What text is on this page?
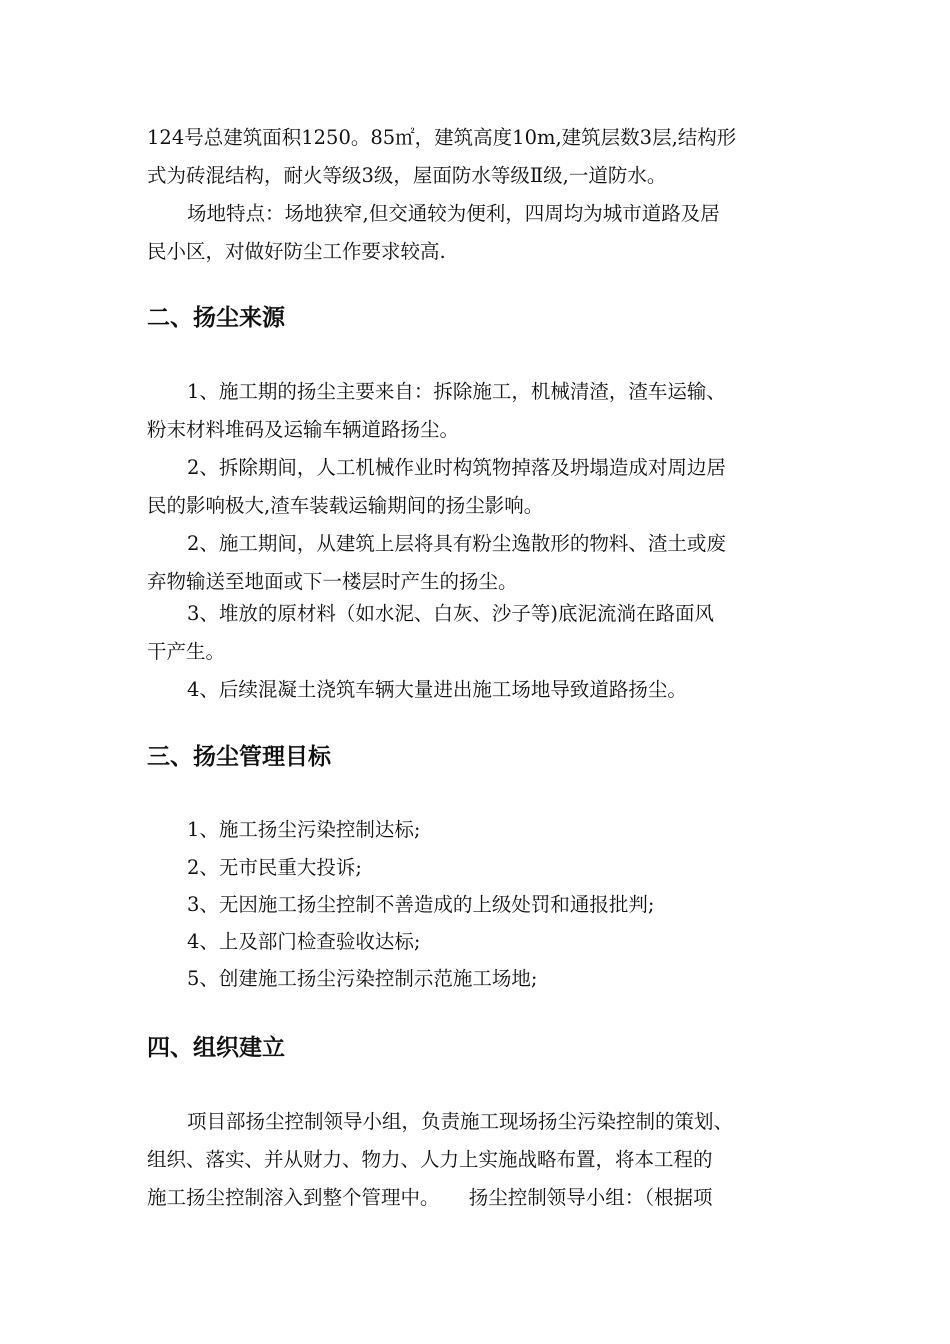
124号总建筑面积1250。85㎡，建筑高度10m,建筑层数3层,结构形
式为砖混结构，耐火等级3级，屋面防水等级Ⅱ级,一道防水。
场地特点：场地狭窄,但交通较为便利，四周均为城市道路及居
民小区，对做好防尘工作要求较高.
二、扬尘来源
1、施工期的扬尘主要来自：拆除施工，机械清渣，渣车运输、
粉末材料堆码及运输车辆道路扬尘。
2、拆除期间，人工机械作业时构筑物掉落及坍塌造成对周边居
民的影响极大,渣车装载运输期间的扬尘影响。
2、施工期间，从建筑上层将具有粉尘逸散形的物料、渣土或废
弃物输送至地面或下一楼层时产生的扬尘。
3、堆放的原材料（如水泥、白灰、沙子等)底泥流淌在路面风
干产生。
4、后续混凝土浇筑车辆大量进出施工场地导致道路扬尘。
三、扬尘管理目标
1、施工扬尘污染控制达标;
2、无市民重大投诉;
3、无因施工扬尘控制不善造成的上级处罚和通报批判;
4、上及部门检查验收达标;
5、创建施工扬尘污染控制示范施工场地;
四、组织建立
项目部扬尘控制领导小组，负责施工现场扬尘污染控制的策划、
组织、落实、并从财力、物力、人力上实施战略布置，将本工程的
施工扬尘控制溶入到整个管理中。　　扬尘控制领导小组：（根据项
